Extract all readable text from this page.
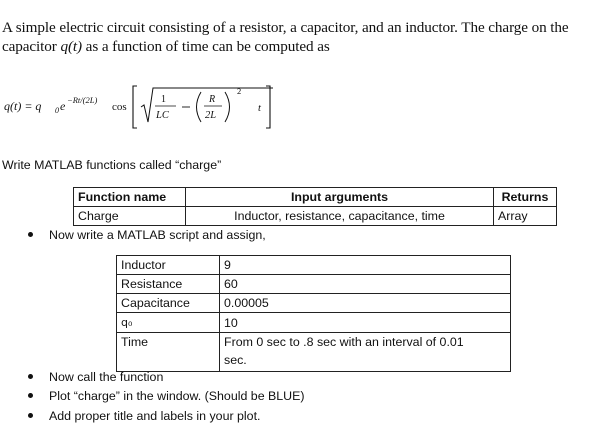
A simple electric circuit consisting of a resistor, a capacitor, and an inductor. The charge on the
capacitor q(t) as a function of time can be computed as
q(t) = q 0 e −Rt/(2L)
cos
1
LC
R
2L
2
t
Write MATLAB functions called “charge”
Function name	Input arguments	Returns
Charge	Inductor, resistance, capacitance, time	Array
Now write a MATLAB script and assign,
Inductor	9
Resistance	60
Capacitance	0.00005
q₀	10
Time	From 0 sec to .8 sec with an interval of 0.01
sec.
Now call the function
Plot “charge” in the window. (Should be BLUE)
Add proper title and labels in your plot.
